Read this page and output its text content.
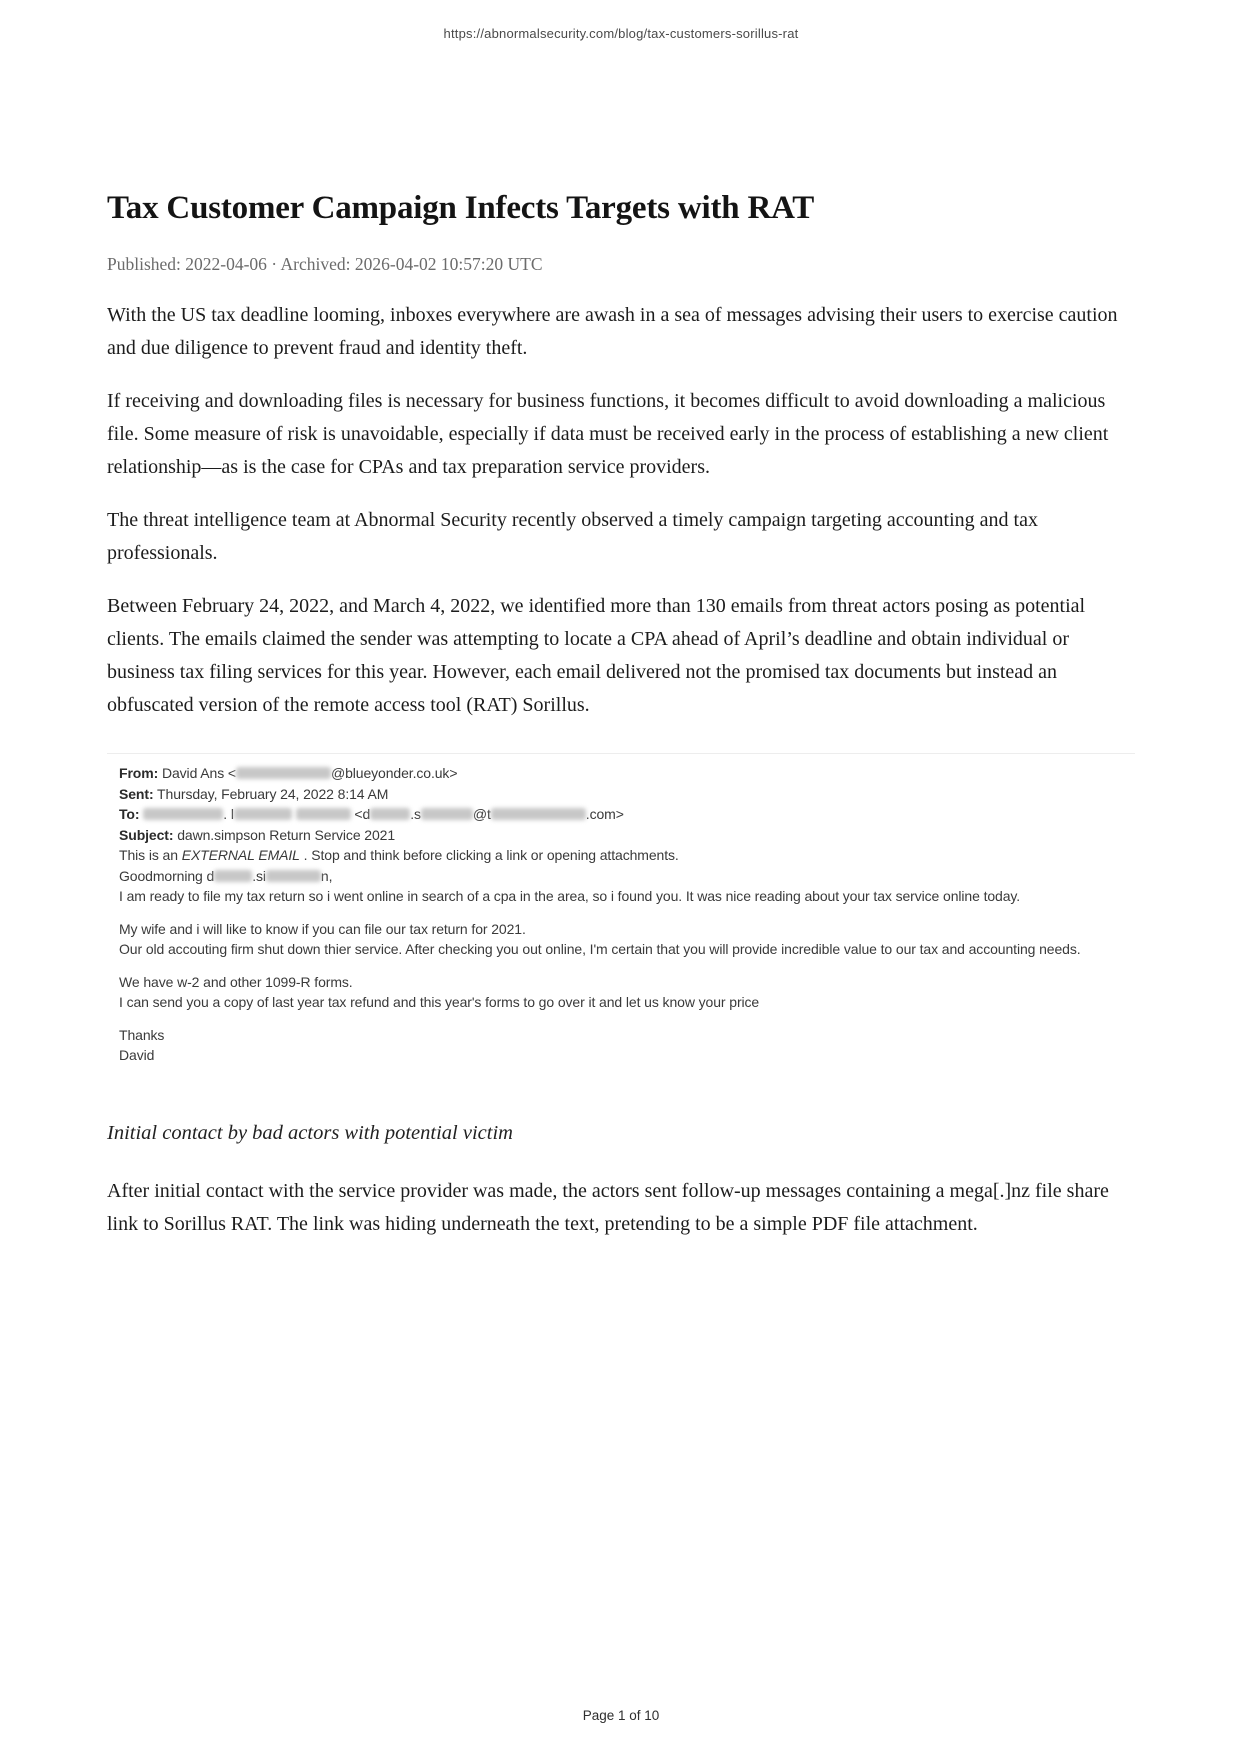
https://abnormalsecurity.com/blog/tax-customers-sorillus-rat
Tax Customer Campaign Infects Targets with RAT
Published: 2022-04-06 · Archived: 2026-04-02 10:57:20 UTC

With the US tax deadline looming, inboxes everywhere are awash in a sea of messages advising their users to exercise caution and due diligence to prevent fraud and identity theft.

If receiving and downloading files is necessary for business functions, it becomes difficult to avoid downloading a malicious file. Some measure of risk is unavoidable, especially if data must be received early in the process of establishing a new client relationship—as is the case for CPAs and tax preparation service providers.

The threat intelligence team at Abnormal Security recently observed a timely campaign targeting accounting and tax professionals.

Between February 24, 2022, and March 4, 2022, we identified more than 130 emails from threat actors posing as potential clients. The emails claimed the sender was attempting to locate a CPA ahead of April’s deadline and obtain individual or business tax filing services for this year. However, each email delivered not the promised tax documents but instead an obfuscated version of the remote access tool (RAT) Sorillus.

From: David Ans <	@blueyonder.co.uk>
Sent: Thursday, February 24, 2022 8:14 AM
To:	. l	<d	.s	@t	.com>
Subject: dawn.simpson Return Service 2021
This is an EXTERNAL EMAIL . Stop and think before clicking a link or opening attachments.
Goodmorning d	.si	n,
I am ready to file my tax return so i went online in search of a cpa in the area, so i found you. It was nice reading about your tax service online today.
My wife and i will like to know if you can file our tax return for 2021.
Our old accouting firm shut down thier service. After checking you out online, I'm certain that you will provide incredible value to our tax and accounting needs.
We have w-2 and other 1099-R forms.
I can send you a copy of last year tax refund and this year's forms to go over it and let us know your price
Thanks
David
Initial contact by bad actors with potential victim

After initial contact with the service provider was made, the actors sent follow-up messages containing a mega[.]nz file share link to Sorillus RAT. The link was hiding underneath the text, pretending to be a simple PDF file attachment.

Page 1 of 10
